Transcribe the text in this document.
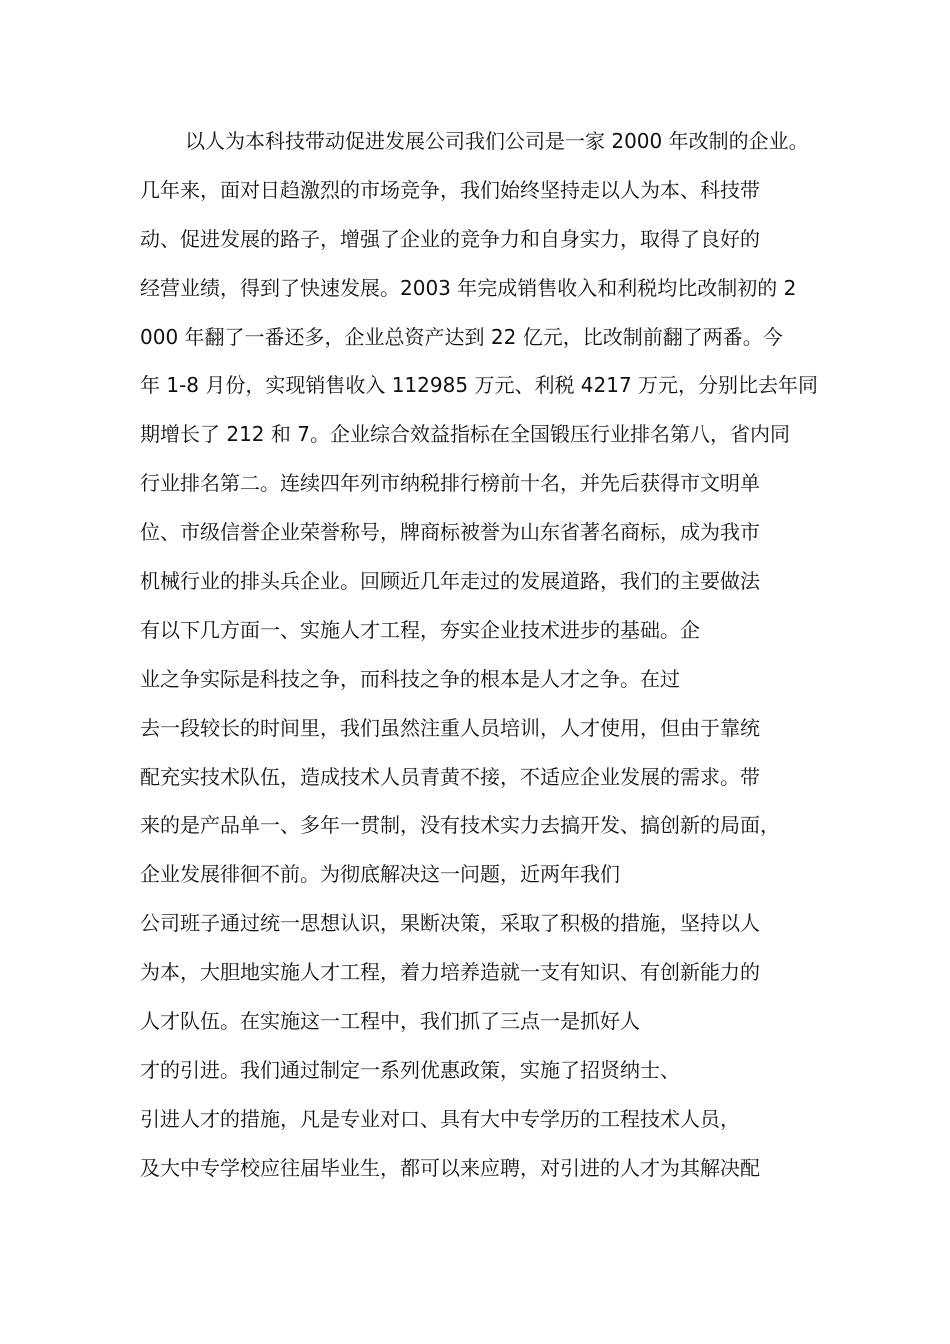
以人为本科技带动促进发展公司我们公司是一家 2000 年改制的企业。
几年来，面对日趋激烈的市场竞争，我们始终坚持走以人为本、科技带
动、促进发展的路子，增强了企业的竞争力和自身实力，取得了良好的
经营业绩，得到了快速发展。2003 年完成销售收入和利税均比改制初的 2
000 年翻了一番还多，企业总资产达到 22 亿元，比改制前翻了两番。今
年 1-8 月份，实现销售收入 112985 万元、利税 4217 万元，分别比去年同
期增长了 212 和 7。企业综合效益指标在全国锻压行业排名第八，省内同
行业排名第二。连续四年列市纳税排行榜前十名，并先后获得市文明单
位、市级信誉企业荣誉称号，牌商标被誉为山东省著名商标，成为我市
机械行业的排头兵企业。回顾近几年走过的发展道路，我们的主要做法
有以下几方面一、实施人才工程，夯实企业技术进步的基础。企
业之争实际是科技之争，而科技之争的根本是人才之争。在过
去一段较长的时间里，我们虽然注重人员培训，人才使用，但由于靠统
配充实技术队伍，造成技术人员青黄不接，不适应企业发展的需求。带
来的是产品单一、多年一贯制，没有技术实力去搞开发、搞创新的局面，
企业发展徘徊不前。为彻底解决这一问题，近两年我们
公司班子通过统一思想认识，果断决策，采取了积极的措施，坚持以人
为本，大胆地实施人才工程，着力培养造就一支有知识、有创新能力的
人才队伍。在实施这一工程中，我们抓了三点一是抓好人
才的引进。我们通过制定一系列优惠政策，实施了招贤纳士、
引进人才的措施，凡是专业对口、具有大中专学历的工程技术人员，
及大中专学校应往届毕业生，都可以来应聘，对引进的人才为其解决配
